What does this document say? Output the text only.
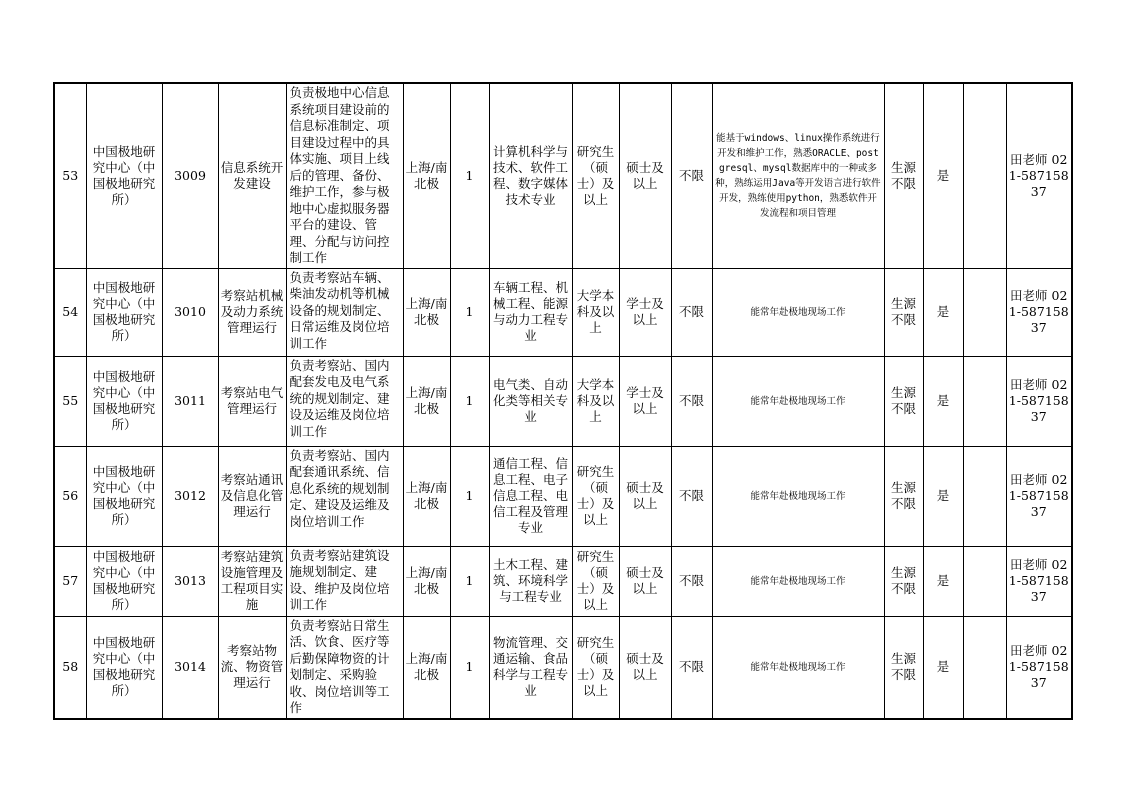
53	中国极地研究中心（中国极地研究所）	3009	信息系统开发建设	负责极地中心信息系统项目建设前的信息标准制定、项目建设过程中的具体实施、项目上线后的管理、备份、维护工作，参与极地中心虚拟服务器平台的建设、管理、分配与访问控制工作	上海/南北极	1	计算机科学与技术、软件工程、数字媒体技术专业	研究生（硕士）及以上	硕士及以上	不限	能基于windows、linux操作系统进行开发和维护工作，熟悉ORACLE、postgresql、mysql数据库中的一种或多种，熟练运用Java等开发语言进行软件开发，熟练使用python，熟悉软件开发流程和项目管理	生源不限	是		田老师 021-58715837
54	中国极地研究中心（中国极地研究所）	3010	考察站机械及动力系统管理运行	负责考察站车辆、柴油发动机等机械设备的规划制定、日常运维及岗位培训工作	上海/南北极	1	车辆工程、机械工程、能源与动力工程专业	大学本科及以上	学士及以上	不限	能常年赴极地现场工作	生源不限	是		田老师 021-58715837
55	中国极地研究中心（中国极地研究所）	3011	考察站电气管理运行	负责考察站、国内配套发电及电气系统的规划制定、建设及运维及岗位培训工作	上海/南北极	1	电气类、自动化类等相关专业	大学本科及以上	学士及以上	不限	能常年赴极地现场工作	生源不限	是		田老师 021-58715837
56	中国极地研究中心（中国极地研究所）	3012	考察站通讯及信息化管理运行	负责考察站、国内配套通讯系统、信息化系统的规划制定、建设及运维及岗位培训工作	上海/南北极	1	通信工程、信息工程、电子信息工程、电信工程及管理专业	研究生（硕士）及以上	硕士及以上	不限	能常年赴极地现场工作	生源不限	是		田老师 021-58715837
57	中国极地研究中心（中国极地研究所）	3013	考察站建筑设施管理及工程项目实施	负责考察站建筑设施规划制定、建设、维护及岗位培训工作	上海/南北极	1	土木工程、建筑、环境科学与工程专业	研究生（硕士）及以上	硕士及以上	不限	能常年赴极地现场工作	生源不限	是		田老师 021-58715837
58	中国极地研究中心（中国极地研究所）	3014	考察站物流、物资管理运行	负责考察站日常生活、饮食、医疗等后勤保障物资的计划制定、采购验收、岗位培训等工作	上海/南北极	1	物流管理、交通运输、食品科学与工程专业	研究生（硕士）及以上	硕士及以上	不限	能常年赴极地现场工作	生源不限	是		田老师 021-58715837
